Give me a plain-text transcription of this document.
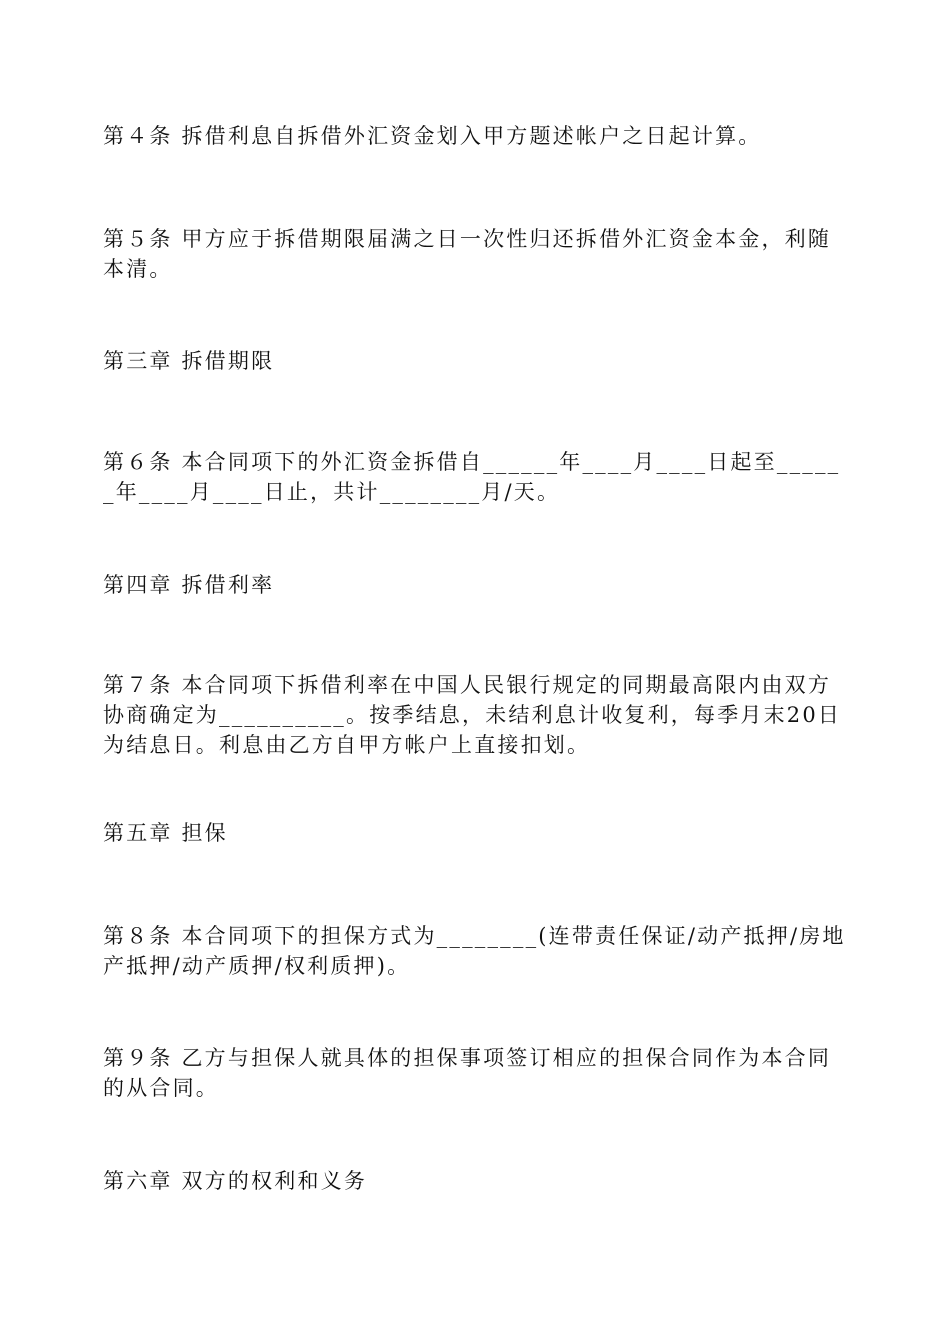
第４条 拆借利息自拆借外汇资金划入甲方题述帐户之日起计算。

第５条 甲方应于拆借期限届满之日一次性归还拆借外汇资金本金，利随本清。

第三章 拆借期限

第６条 本合同项下的外汇资金拆借自______年____月____日起至______年____月____日止，共计________月/天。

第四章 拆借利率

第７条 本合同项下拆借利率在中国人民银行规定的同期最高限内由双方协商确定为__________。按季结息，未结利息计收复利，每季月末20日为结息日。利息由乙方自甲方帐户上直接扣划。

第五章 担保

第８条 本合同项下的担保方式为________(连带责任保证/动产抵押/房地产抵押/动产质押/权利质押)。

第９条 乙方与担保人就具体的担保事项签订相应的担保合同作为本合同的从合同。

第六章 双方的权利和义务
